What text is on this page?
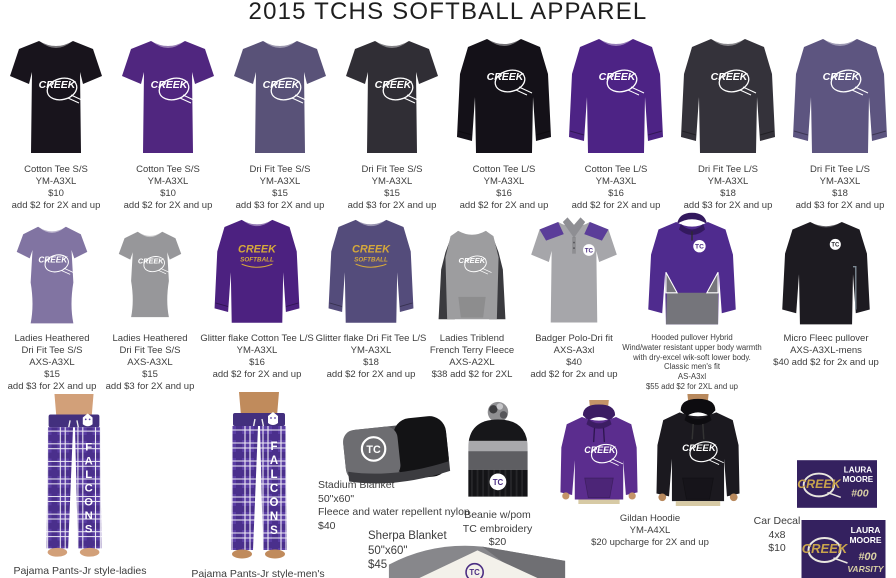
2015 TCHS SOFTBALL APPAREL
CREEK
Cotton Tee S/S
YM-A3XL
$10
add $2 for 2X and up
CREEK
Cotton Tee S/S
YM-A3XL
$10
add $2 for 2X and up
CREEK
Dri Fit Tee S/S
YM-A3XL
$15
add $3 for 2X and up
CREEK
Dri Fit Tee S/S
YM-A3XL
$15
add $3 for 2X and up
CREEK
Cotton Tee L/S
YM-A3XL
$16
add $2 for 2X and up
CREEK
Cotton Tee L/S
YM-A3XL
$16
add $2 for 2X and up
CREEK
Dri Fit Tee L/S
YM-A3XL
$18
add $3 for 2X and up
CREEK
Dri Fit Tee L/S
YM-A3XL
$18
add $3 for 2X and up
CREEK
Ladies Heathered
Dri Fit Tee S/S
AXS-A3XL
$15
add $3 for 2X and up
CREEK
Ladies Heathered
Dri Fit Tee S/S
AXS-A3XL
$15
add $3 for 2X and up
CREEK
SOFTBALL
Glitter flake Cotton Tee L/S
YM-A3XL
$16
add $2 for 2X and up
CREEK
SOFTBALL
Glitter flake Dri Fit Tee L/S
YM-A3XL
$18
add $2 for 2X and up
CREEK
Ladies Triblend
French Terry Fleece
AXS-A2XL
$38 add $2 for 2XL
TC
Badger Polo-Dri fit
AXS-A3xl
$40
add $2 for 2x and up
TC
Hooded pullover Hybrid
Wind/water resistant upper body warmth
with dry-excel wik-soft lower body.
Classic men's fit
AS-A3xl
$55 add $2 for 2XL and up
TC
Micro Fleec pullover
AXS-A3XL-mens
$40 add $2 for 2x and up
F
A
L
C
O
N
S
Pajama Pants-Jr style-ladies
F
A
L
C
O
N
S
Pajama Pants-Jr style-men's
TC
Stadium Blanket
50"x60"
Fleece and water repellent nylon
$40
TC
Beanie w/pom
TC embroidery
$20
Sherpa Blanket
50"x60"
$45
TC
CREEK	CREEK
Gildan Hoodie
YM-A4XL
$20 upcharge for 2X and up
Car Decal
4x8
$10
CREEK
LAURA
MOORE
#00
CREEK
LAURA
MOORE
#00
VARSITY
